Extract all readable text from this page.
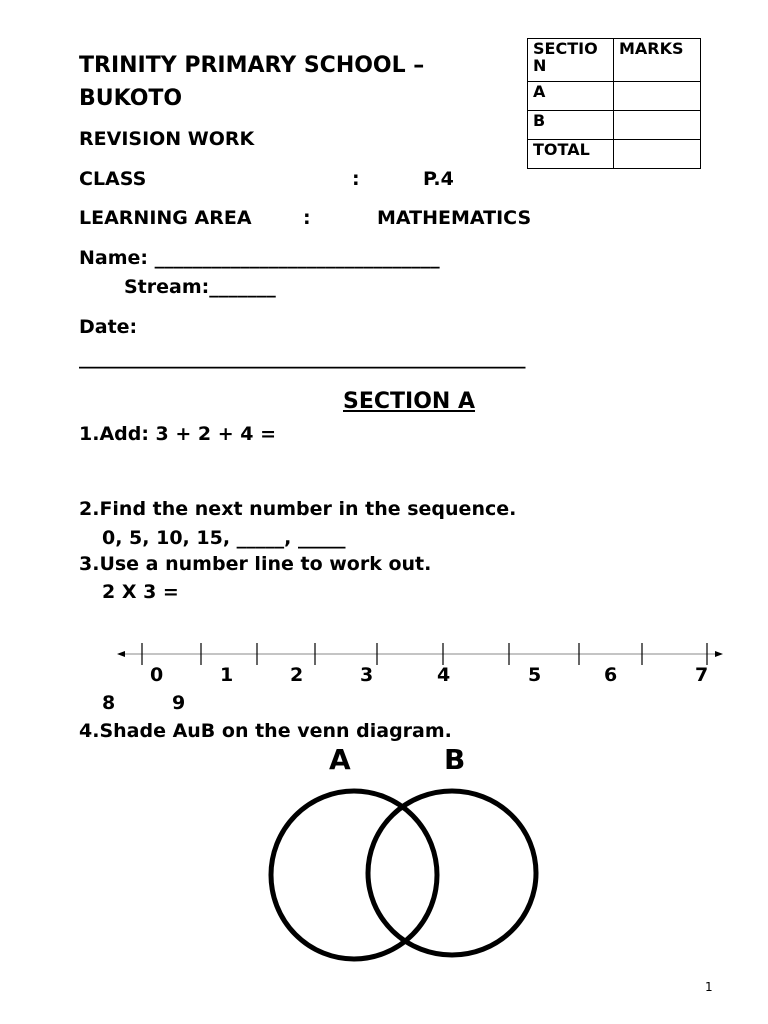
TRINITY PRIMARY SCHOOL –
BUKOTO
REVISION WORK
CLASS	:	P.4
LEARNING AREA	:	MATHEMATICS
Name: ______________________________
Stream:_______
Date:
_______________________________________________
SECTION	MARKS
A	
B	
TOTAL	
SECTION A
1.Add: 3 + 2 + 4 =
2.Find the next number in the sequence.
0, 5, 10, 15, _____, _____
3.Use a number line to work out.
2 X 3 =
0	1	2	3	4	5	6	7
8	9
4.Shade AuB on the venn diagram.
A	B
1
